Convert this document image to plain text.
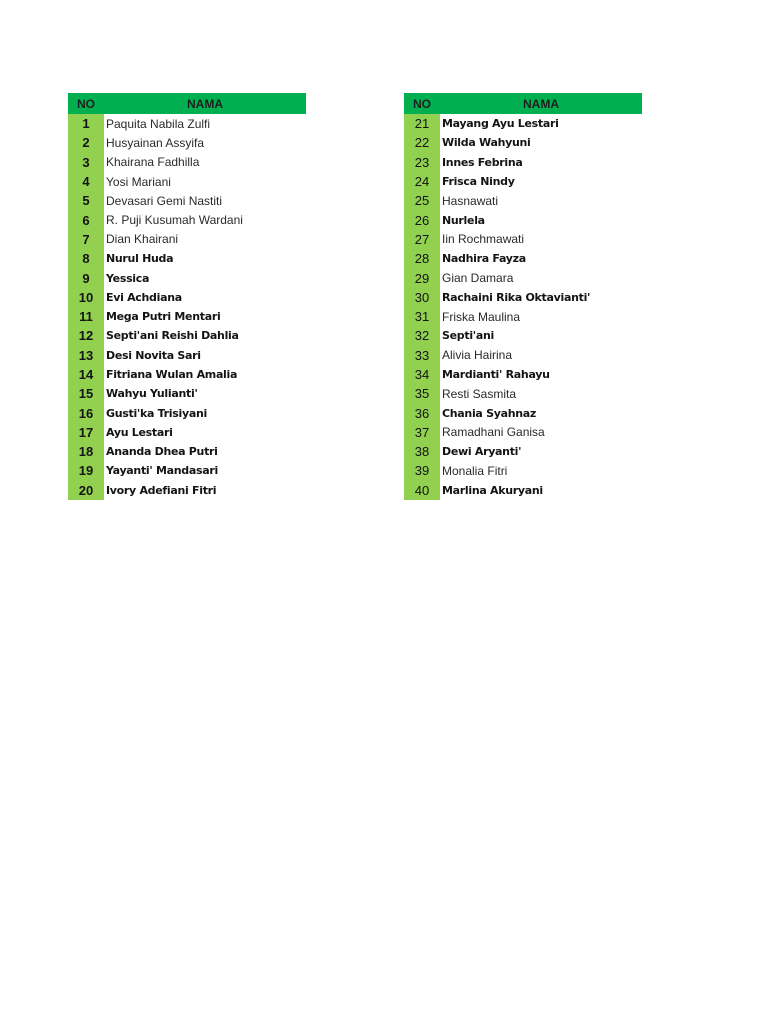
NO	NAMA
1	Paquita Nabila Zulfi
2	Husyainan Assyifa
3	Khairana Fadhilla
4	Yosi Mariani
5	Devasari Gemi Nastiti
6	R. Puji Kusumah Wardani
7	Dian Khairani
8	Nurul Huda
9	Yessica
10	Evi Achdiana
11	Mega Putri Mentari
12	Septi'ani Reishi Dahlia
13	Desi Novita Sari
14	Fitriana Wulan Amalia
15	Wahyu Yulianti'
16	Gusti'ka Trisiyani
17	Ayu Lestari
18	Ananda Dhea Putri
19	Yayanti' Mandasari
20	Ivory Adefiani Fitri
NO	NAMA
21	Mayang Ayu Lestari
22	Wilda Wahyuni
23	Innes Febrina
24	Frisca Nindy
25	Hasnawati
26	Nurlela
27	Iin Rochmawati
28	Nadhira Fayza
29	Gian Damara
30	Rachaini Rika Oktavianti'
31	Friska Maulina
32	Septi'ani
33	Alivia Hairina
34	Mardianti' Rahayu
35	Resti Sasmita
36	Chania Syahnaz
37	Ramadhani Ganisa
38	Dewi Aryanti'
39	Monalia Fitri
40	Marlina Akuryani
